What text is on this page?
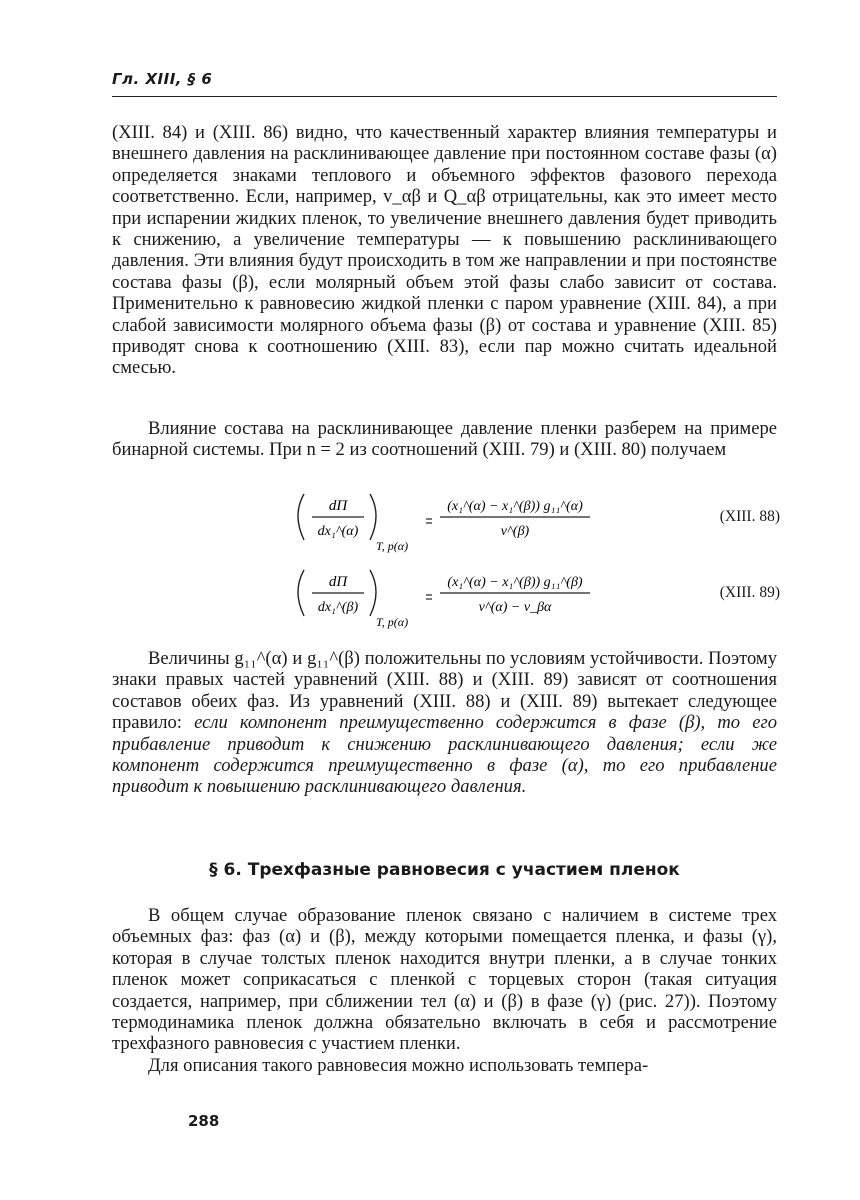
Гл. XIII, § 6

(XIII. 84) и (XIII. 86) видно, что качественный характер влияния температуры и внешнего давления на расклинивающее давление при постоянном составе фазы (α) определяется знаками теплового и объемного эффектов фазового перехода соответственно. Если, например, v_αβ и Q_αβ отрицательны, как это имеет место при испарении жидких пленок, то увеличение внешнего давления будет приводить к снижению, а увеличение температуры — к повышению расклинивающего давления. Эти влияния будут происходить в том же направлении и при постоянстве состава фазы (β), если молярный объем этой фазы слабо зависит от состава. Применительно к равновесию жидкой пленки с паром уравнение (XIII. 84), а при слабой зависимости молярного объема фазы (β) от состава и уравнение (XIII. 85) приводят снова к соотношению (XIII. 83), если пар можно считать идеальной смесью.

Влияние состава на расклинивающее давление пленки разберем на примере бинарной системы. При n = 2 из соотношений (XIII. 79) и (XIII. 80) получаем

dΠ
dx₁^(α)
T, p(α)
(x₁^(α) − x₁^(β)) g₁₁^(α)
v^(β)
(XIII. 88)
dΠ
dx₁^(β)
T, p(α)
(x₁^(α) − x₁^(β)) g₁₁^(β)
v^(α) − v_βα
(XIII. 89)

Величины g₁₁^(α) и g₁₁^(β) положительны по условиям устойчивости. Поэтому знаки правых частей уравнений (XIII. 88) и (XIII. 89) зависят от соотношения составов обеих фаз. Из уравнений (XIII. 88) и (XIII. 89) вытекает следующее правило: если компонент преимущественно содержится в фазе (β), то его прибавление приводит к снижению расклинивающего давления; если же компонент содержится преимущественно в фазе (α), то его прибавление приводит к повышению расклинивающего давления.

§ 6. Трехфазные равновесия с участием пленок

В общем случае образование пленок связано с наличием в системе трех объемных фаз: фаз (α) и (β), между которыми помещается пленка, и фазы (γ), которая в случае толстых пленок находится внутри пленки, а в случае тонких пленок может соприкасаться с пленкой с торцевых сторон (такая ситуация создается, например, при сближении тел (α) и (β) в фазе (γ) (рис. 27)). Поэтому термодинамика пленок должна обязательно включать в себя и рассмотрение трехфазного равновесия с участием пленки.

Для описания такого равновесия можно использовать темпера-

288
